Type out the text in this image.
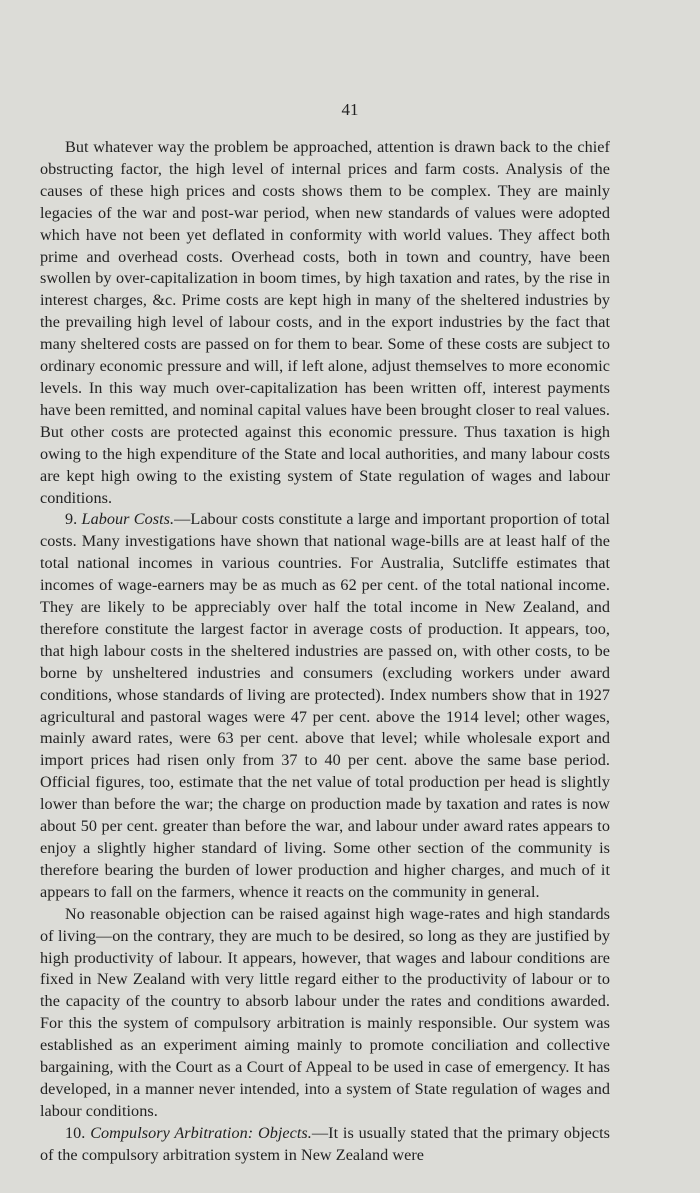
41

But whatever way the problem be approached, attention is drawn back to the chief obstructing factor, the high level of internal prices and farm costs. Analysis of the causes of these high prices and costs shows them to be complex. They are mainly legacies of the war and post-war period, when new standards of values were adopted which have not been yet deflated in conformity with world values. They affect both prime and overhead costs. Overhead costs, both in town and country, have been swollen by over-capitalization in boom times, by high taxation and rates, by the rise in interest charges, &c. Prime costs are kept high in many of the sheltered industries by the prevailing high level of labour costs, and in the export industries by the fact that many sheltered costs are passed on for them to bear. Some of these costs are subject to ordinary economic pressure and will, if left alone, adjust themselves to more economic levels. In this way much over-capitalization has been written off, interest payments have been remitted, and nominal capital values have been brought closer to real values. But other costs are protected against this economic pressure. Thus taxation is high owing to the high expenditure of the State and local authorities, and many labour costs are kept high owing to the existing system of State regulation of wages and labour conditions.

9. Labour Costs.—Labour costs constitute a large and important proportion of total costs. Many investigations have shown that national wage-bills are at least half of the total national incomes in various countries. For Australia, Sutcliffe estimates that incomes of wage-earners may be as much as 62 per cent. of the total national income. They are likely to be appreciably over half the total income in New Zealand, and therefore constitute the largest factor in average costs of production. It appears, too, that high labour costs in the sheltered industries are passed on, with other costs, to be borne by unsheltered industries and consumers (excluding workers under award conditions, whose standards of living are protected). Index numbers show that in 1927 agricultural and pastoral wages were 47 per cent. above the 1914 level; other wages, mainly award rates, were 63 per cent. above that level; while wholesale export and import prices had risen only from 37 to 40 per cent. above the same base period. Official figures, too, estimate that the net value of total production per head is slightly lower than before the war; the charge on production made by taxation and rates is now about 50 per cent. greater than before the war, and labour under award rates appears to enjoy a slightly higher standard of living. Some other section of the community is therefore bearing the burden of lower production and higher charges, and much of it appears to fall on the farmers, whence it reacts on the community in general.

No reasonable objection can be raised against high wage-rates and high standards of living—on the contrary, they are much to be desired, so long as they are justified by high productivity of labour. It appears, however, that wages and labour conditions are fixed in New Zealand with very little regard either to the productivity of labour or to the capacity of the country to absorb labour under the rates and conditions awarded. For this the system of compulsory arbitration is mainly responsible. Our system was established as an experiment aiming mainly to promote conciliation and collective bargaining, with the Court as a Court of Appeal to be used in case of emergency. It has developed, in a manner never intended, into a system of State regulation of wages and labour conditions.

10. Compulsory Arbitration: Objects.—It is usually stated that the primary objects of the compulsory arbitration system in New Zealand were
